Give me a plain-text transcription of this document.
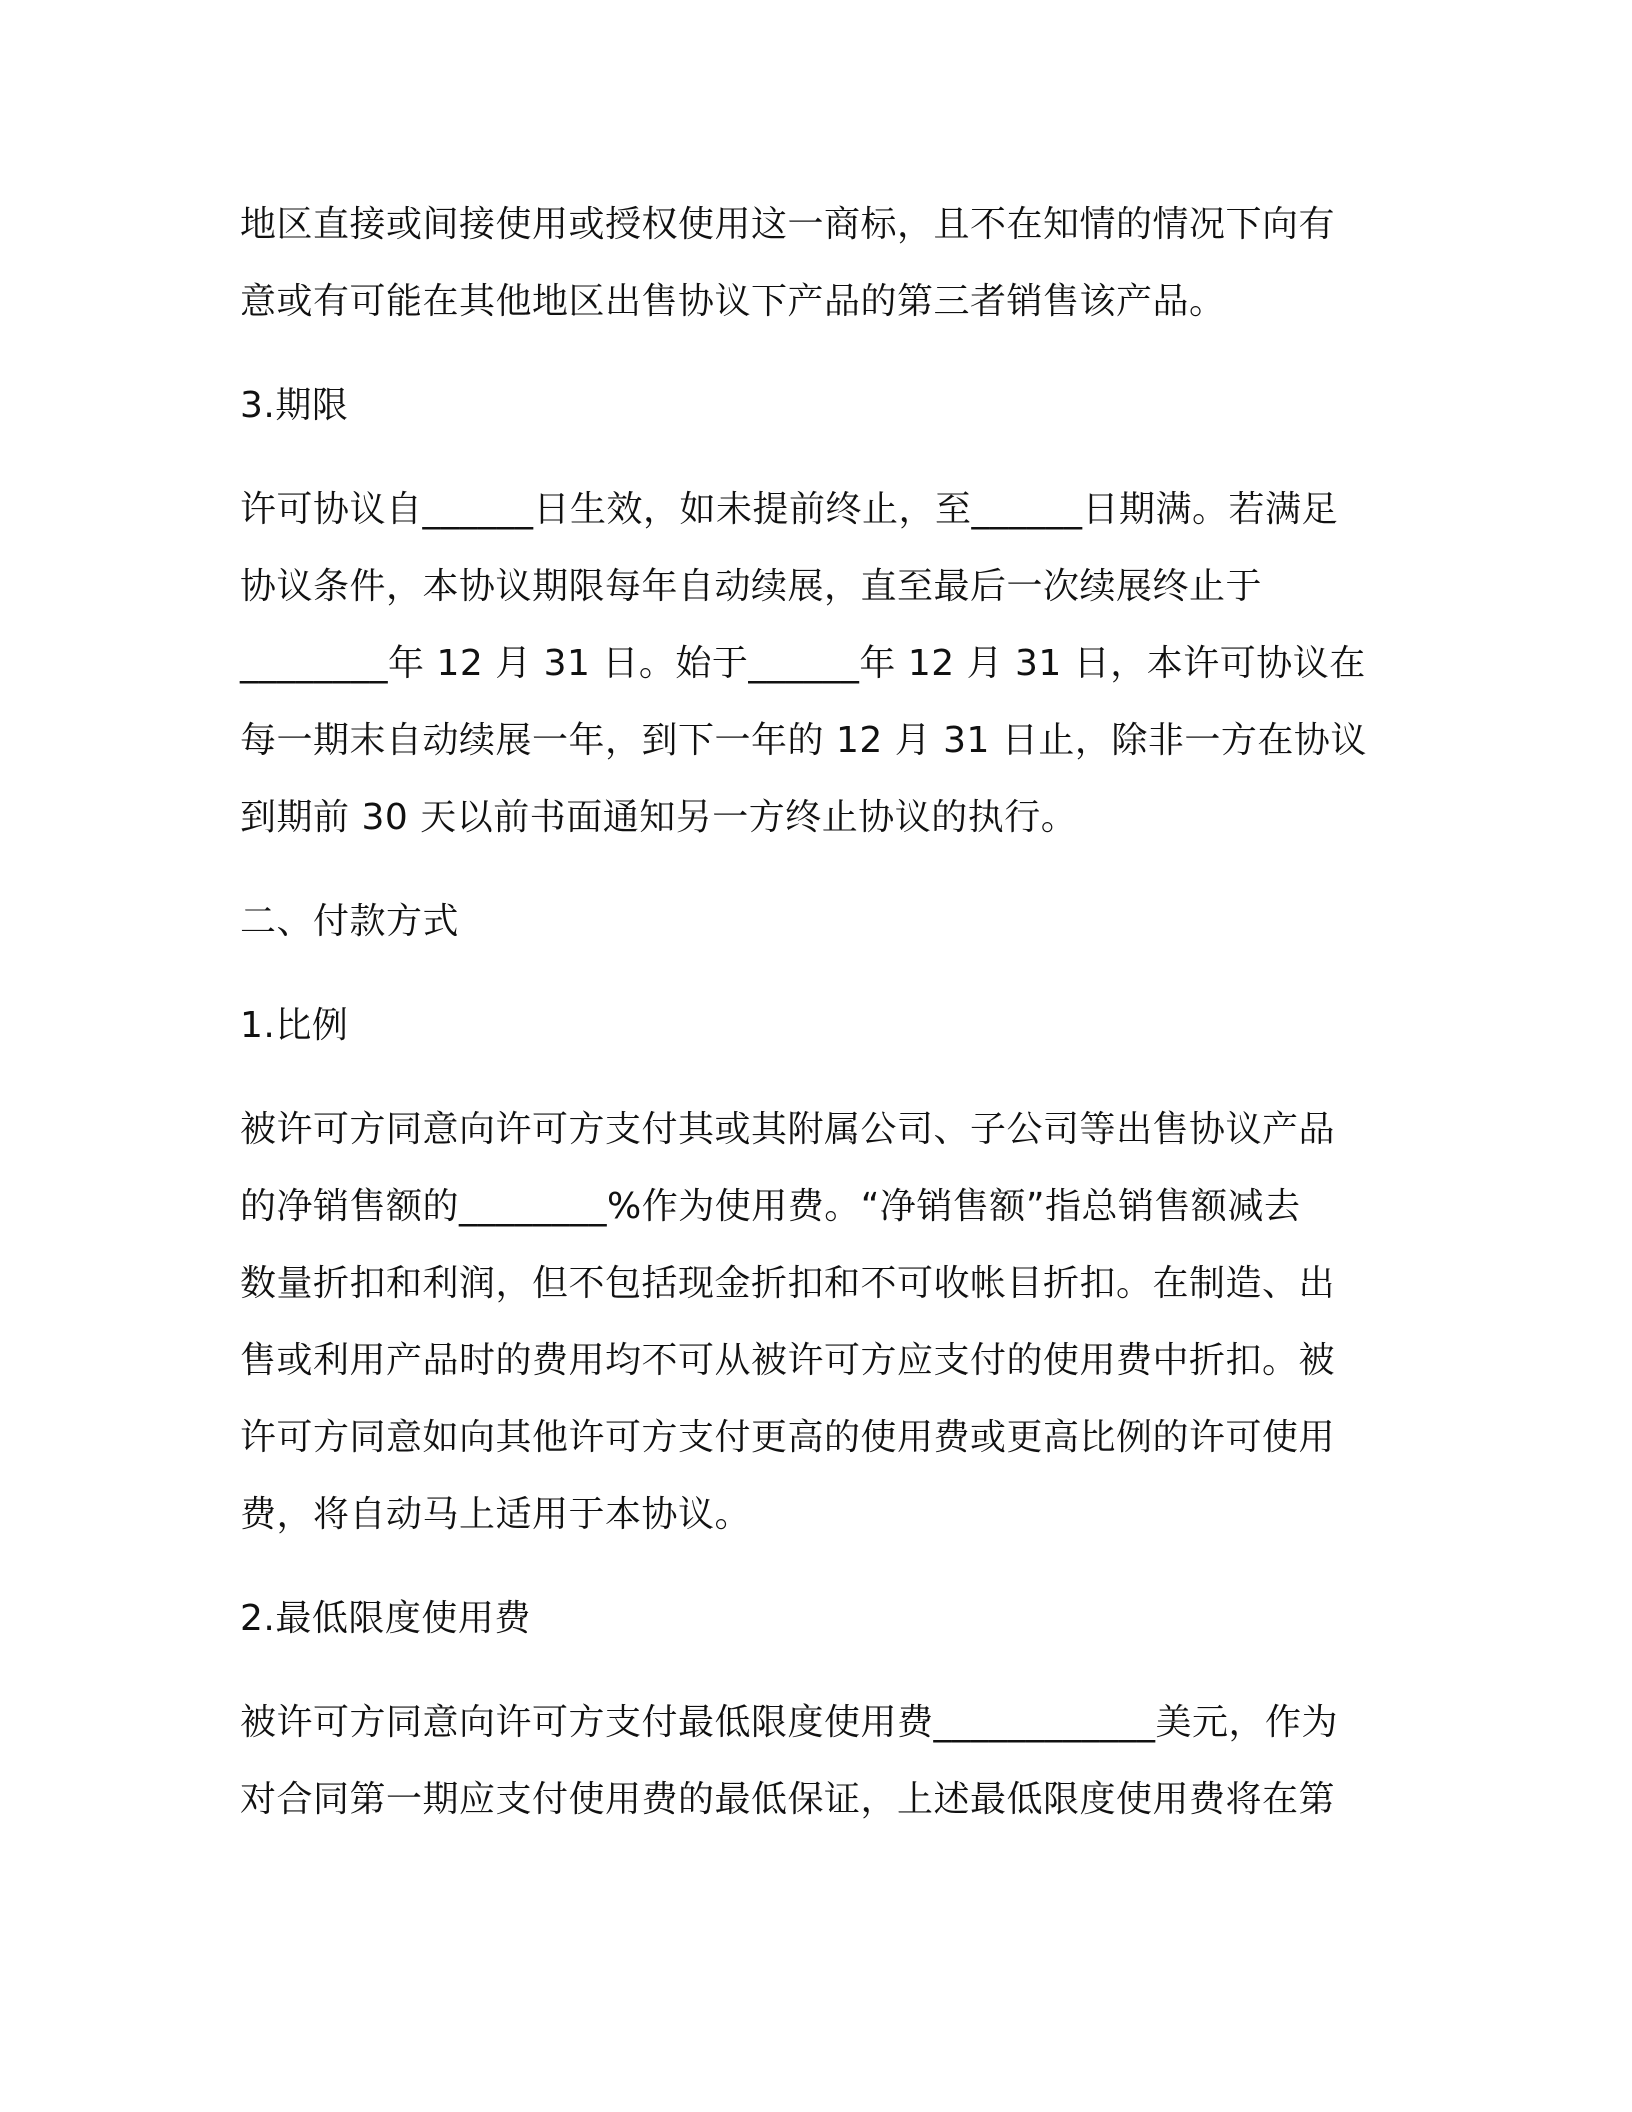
地区直接或间接使用或授权使用这一商标，且不在知情的情况下向有
意或有可能在其他地区出售协议下产品的第三者销售该产品。
3.期限
许可协议自______日生效，如未提前终止，至______日期满。若满足
协议条件，本协议期限每年自动续展，直至最后一次续展终止于
________年 12 月 31 日。始于______年 12 月 31 日，本许可协议在
每一期末自动续展一年，到下一年的 12 月 31 日止，除非一方在协议
到期前 30 天以前书面通知另一方终止协议的执行。
二、付款方式
1.比例
被许可方同意向许可方支付其或其附属公司、子公司等出售协议产品
的净销售额的________%作为使用费。“净销售额”指总销售额减去
数量折扣和利润，但不包括现金折扣和不可收帐目折扣。在制造、出
售或利用产品时的费用均不可从被许可方应支付的使用费中折扣。被
许可方同意如向其他许可方支付更高的使用费或更高比例的许可使用
费，将自动马上适用于本协议。
2.最低限度使用费
被许可方同意向许可方支付最低限度使用费____________美元，作为
对合同第一期应支付使用费的最低保证，上述最低限度使用费将在第
